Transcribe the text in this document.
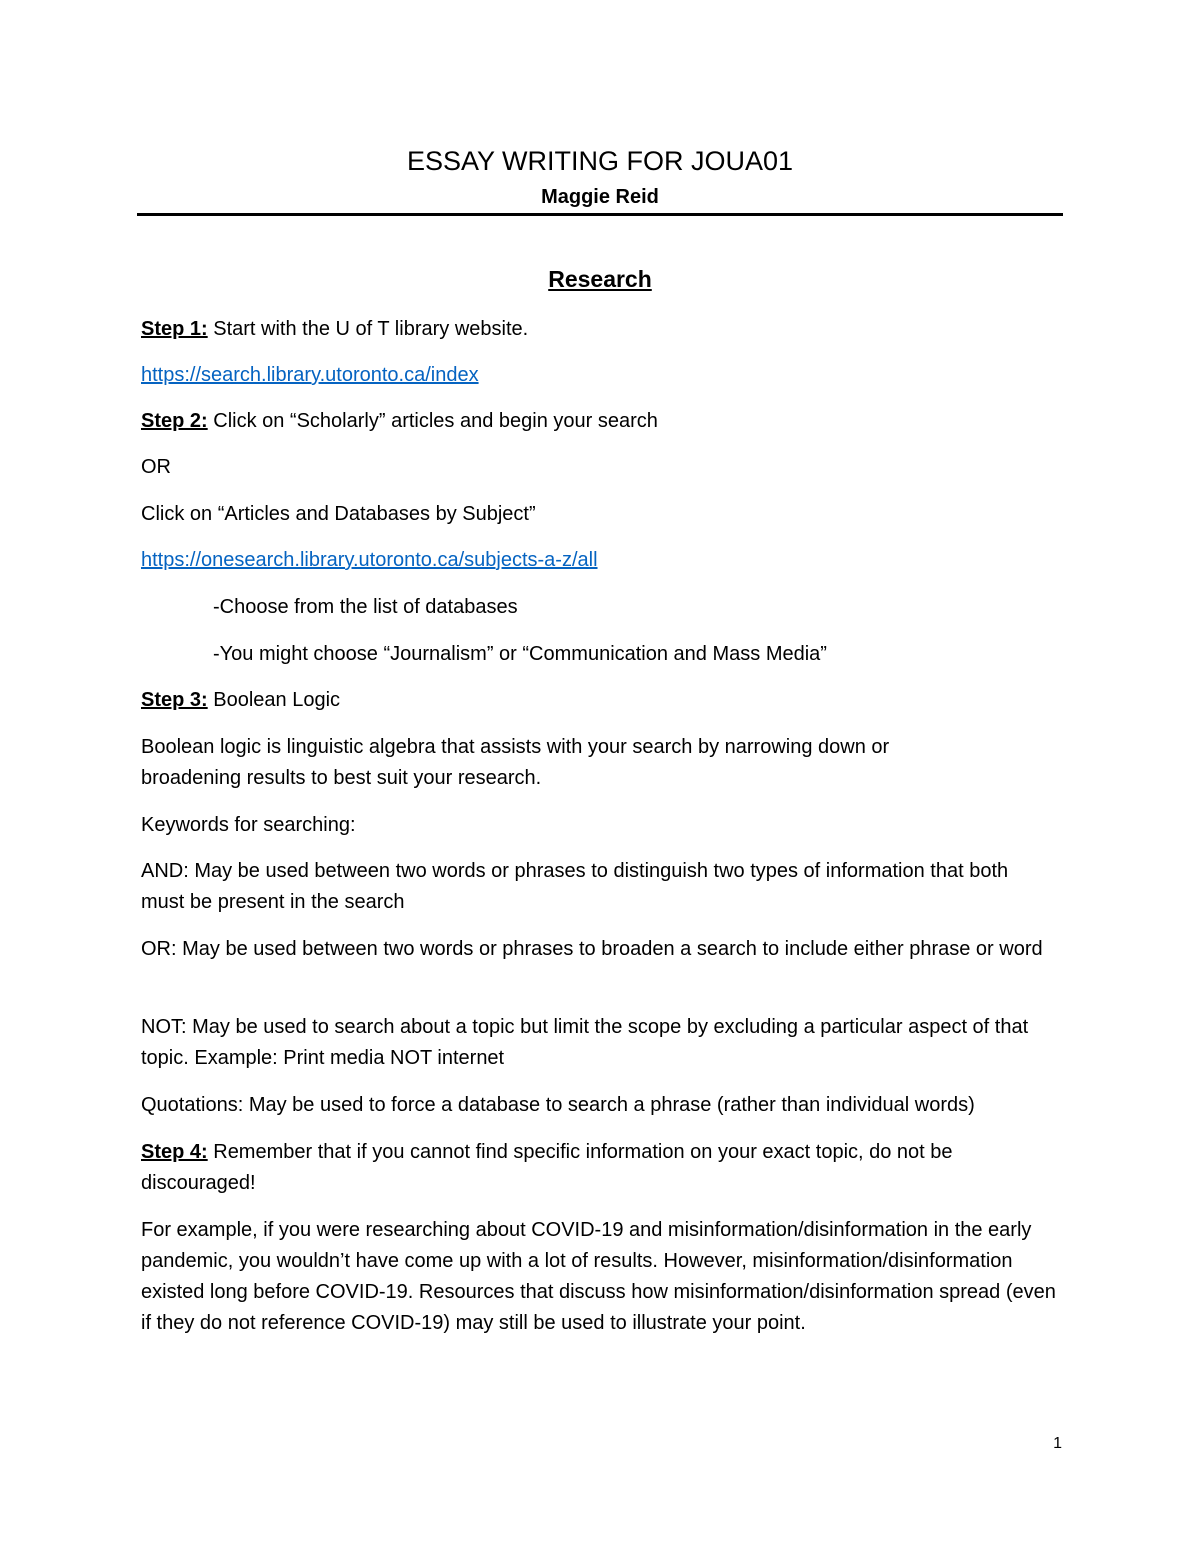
ESSAY WRITING FOR JOUA01
Maggie Reid
Research

Step 1: Start with the U of T library website.

https://search.library.utoronto.ca/index

Step 2: Click on “Scholarly” articles and begin your search

OR

Click on “Articles and Databases by Subject”

https://onesearch.library.utoronto.ca/subjects-a-z/all

-Choose from the list of databases

-You might choose “Journalism” or “Communication and Mass Media”

Step 3: Boolean Logic

Boolean logic is linguistic algebra that assists with your search by narrowing down or broadening results to best suit your research.

Keywords for searching:

AND: May be used between two words or phrases to distinguish two types of information that both must be present in the search

OR: May be used between two words or phrases to broaden a search to include either phrase or word

NOT: May be used to search about a topic but limit the scope by excluding a particular aspect of that topic. Example: Print media NOT internet

Quotations: May be used to force a database to search a phrase (rather than individual words)

Step 4: Remember that if you cannot find specific information on your exact topic, do not be discouraged!

For example, if you were researching about COVID-19 and misinformation/disinformation in the early pandemic, you wouldn’t have come up with a lot of results. However, misinformation/disinformation existed long before COVID-19. Resources that discuss how misinformation/disinformation spread (even if they do not reference COVID-19) may still be used to illustrate your point.

1
